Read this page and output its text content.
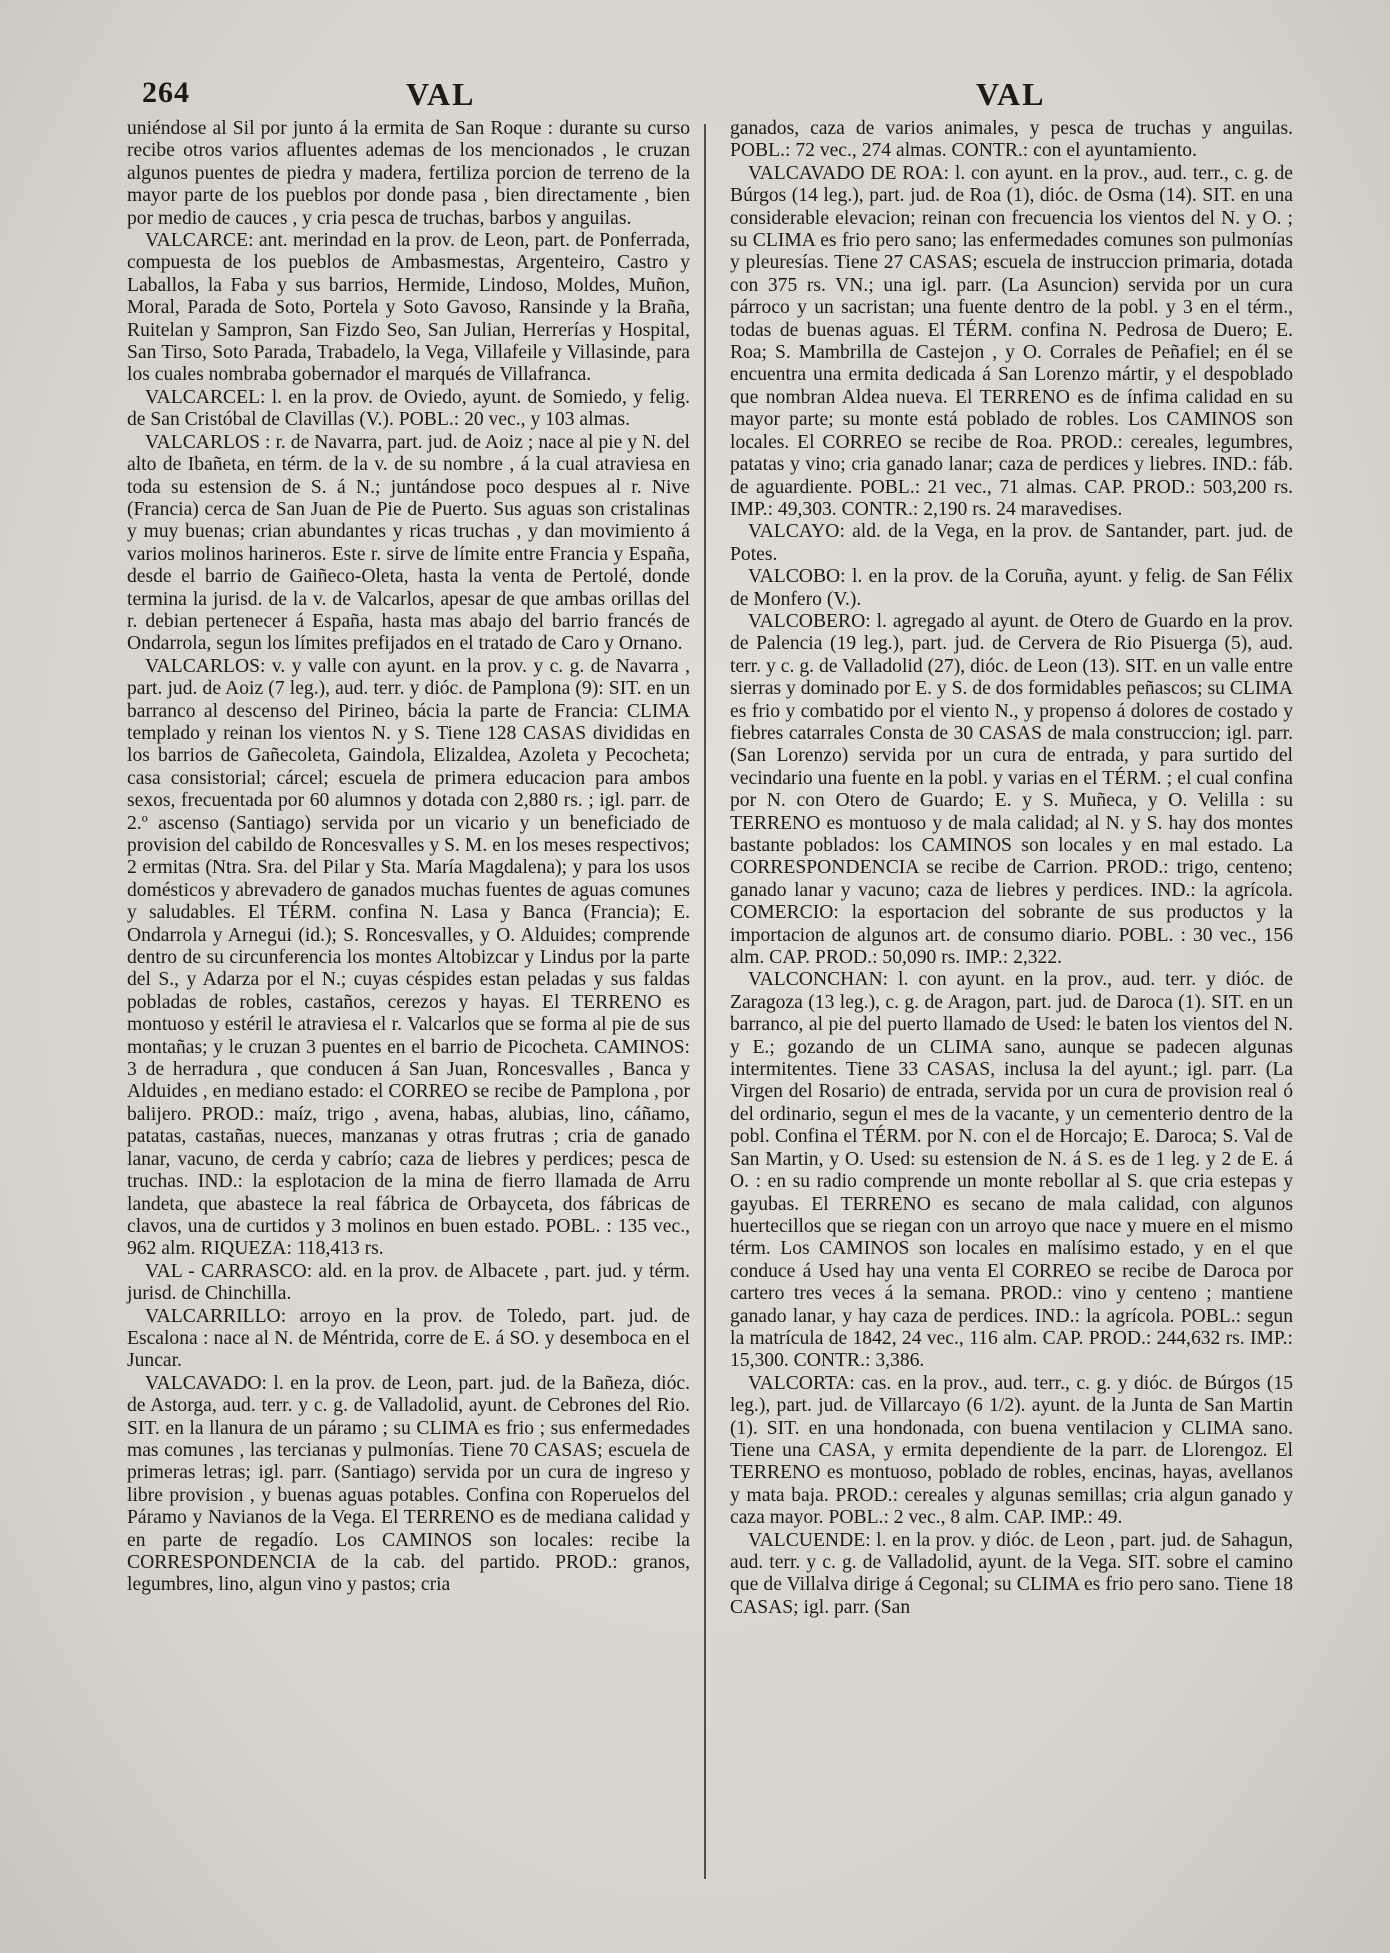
264	VAL	VAL

uniéndose al Sil por junto á la ermita de San Roque : durante su curso recibe otros varios afluentes ademas de los mencionados , le cruzan algunos puentes de piedra y madera, fertiliza porcion de terreno de la mayor parte de los pueblos por donde pasa , bien directamente , bien por medio de cauces , y cria pesca de truchas, barbos y anguilas.

VALCARCE: ant. merindad en la prov. de Leon, part. de Ponferrada, compuesta de los pueblos de Ambasmestas, Argenteiro, Castro y Laballos, la Faba y sus barrios, Hermide, Lindoso, Moldes, Muñon, Moral, Parada de Soto, Portela y Soto Gavoso, Ransinde y la Braña, Ruitelan y Sampron, San Fizdo Seo, San Julian, Herrerías y Hospital, San Tirso, Soto Parada, Trabadelo, la Vega, Villafeile y Villasinde, para los cuales nombraba gobernador el marqués de Villafranca.

VALCARCEL: l. en la prov. de Oviedo, ayunt. de Somiedo, y felig. de San Cristóbal de Clavillas (V.). POBL.: 20 vec., y 103 almas.

VALCARLOS : r. de Navarra, part. jud. de Aoiz ; nace al pie y N. del alto de Ibañeta, en térm. de la v. de su nombre , á la cual atraviesa en toda su estension de S. á N.; juntándose poco despues al r. Nive (Francia) cerca de San Juan de Pie de Puerto. Sus aguas son cristalinas y muy buenas; crian abundantes y ricas truchas , y dan movimiento á varios molinos harineros. Este r. sirve de límite entre Francia y España, desde el barrio de Gaiñeco-Oleta, hasta la venta de Pertolé, donde termina la jurisd. de la v. de Valcarlos, apesar de que ambas orillas del r. debian pertenecer á España, hasta mas abajo del barrio francés de Ondarrola, segun los límites prefijados en el tratado de Caro y Ornano.

VALCARLOS: v. y valle con ayunt. en la prov. y c. g. de Navarra , part. jud. de Aoiz (7 leg.), aud. terr. y dióc. de Pamplona (9): SIT. en un barranco al descenso del Pirineo, bácia la parte de Francia: CLIMA templado y reinan los vientos N. y S. Tiene 128 CASAS divididas en los barrios de Gañecoleta, Gaindola, Elizaldea, Azoleta y Pecocheta; casa consistorial; cárcel; escuela de primera educacion para ambos sexos, frecuentada por 60 alumnos y dotada con 2,880 rs. ; igl. parr. de 2.º ascenso (Santiago) servida por un vicario y un beneficiado de provision del cabildo de Roncesvalles y S. M. en los meses respectivos; 2 ermitas (Ntra. Sra. del Pilar y Sta. María Magdalena); y para los usos domésticos y abrevadero de ganados muchas fuentes de aguas comunes y saludables. El TÉRM. confina N. Lasa y Banca (Francia); E. Ondarrola y Arnegui (id.); S. Roncesvalles, y O. Alduides; comprende dentro de su circunferencia los montes Altobizcar y Lindus por la parte del S., y Adarza por el N.; cuyas céspides estan peladas y sus faldas pobladas de robles, castaños, cerezos y hayas. El TERRENO es montuoso y estéril le atraviesa el r. Valcarlos que se forma al pie de sus montañas; y le cruzan 3 puentes en el barrio de Picocheta. CAMINOS: 3 de herradura , que conducen á San Juan, Roncesvalles , Banca y Alduides , en mediano estado: el CORREO se recibe de Pamplona , por balijero. PROD.: maíz, trigo , avena, habas, alubias, lino, cáñamo, patatas, castañas, nueces, manzanas y otras frutras ; cria de ganado lanar, vacuno, de cerda y cabrío; caza de liebres y perdices; pesca de truchas. IND.: la esplotacion de la mina de fierro llamada de Arru landeta, que abastece la real fábrica de Orbayceta, dos fábricas de clavos, una de curtidos y 3 molinos en buen estado. POBL. : 135 vec., 962 alm. RIQUEZA: 118,413 rs.

VAL - CARRASCO: ald. en la prov. de Albacete , part. jud. y térm. jurisd. de Chinchilla.

VALCARRILLO: arroyo en la prov. de Toledo, part. jud. de Escalona : nace al N. de Méntrida, corre de E. á SO. y desemboca en el Juncar.

VALCAVADO: l. en la prov. de Leon, part. jud. de la Bañeza, dióc. de Astorga, aud. terr. y c. g. de Valladolid, ayunt. de Cebrones del Rio. SIT. en la llanura de un páramo ; su CLIMA es frio ; sus enfermedades mas comunes , las tercianas y pulmonías. Tiene 70 CASAS; escuela de primeras letras; igl. parr. (Santiago) servida por un cura de ingreso y libre provision , y buenas aguas potables. Confina con Roperuelos del Páramo y Navianos de la Vega. El TERRENO es de mediana calidad y en parte de regadío. Los CAMINOS son locales: recibe la CORRESPONDENCIA de la cab. del partido. PROD.: granos, legumbres, lino, algun vino y pastos; cria

ganados, caza de varios animales, y pesca de truchas y anguilas. POBL.: 72 vec., 274 almas. CONTR.: con el ayuntamiento.

VALCAVADO DE ROA: l. con ayunt. en la prov., aud. terr., c. g. de Búrgos (14 leg.), part. jud. de Roa (1), dióc. de Osma (14). SIT. en una considerable elevacion; reinan con frecuencia los vientos del N. y O. ; su CLIMA es frio pero sano; las enfermedades comunes son pulmonías y pleuresías. Tiene 27 CASAS; escuela de instruccion primaria, dotada con 375 rs. VN.; una igl. parr. (La Asuncion) servida por un cura párroco y un sacristan; una fuente dentro de la pobl. y 3 en el térm., todas de buenas aguas. El TÉRM. confina N. Pedrosa de Duero; E. Roa; S. Mambrilla de Castejon , y O. Corrales de Peñafiel; en él se encuentra una ermita dedicada á San Lorenzo mártir, y el despoblado que nombran Aldea nueva. El TERRENO es de ínfima calidad en su mayor parte; su monte está poblado de robles. Los CAMINOS son locales. El CORREO se recibe de Roa. PROD.: cereales, legumbres, patatas y vino; cria ganado lanar; caza de perdices y liebres. IND.: fáb. de aguardiente. POBL.: 21 vec., 71 almas. CAP. PROD.: 503,200 rs. IMP.: 49,303. CONTR.: 2,190 rs. 24 maravedises.

VALCAYO: ald. de la Vega, en la prov. de Santander, part. jud. de Potes.

VALCOBO: l. en la prov. de la Coruña, ayunt. y felig. de San Félix de Monfero (V.).

VALCOBERO: l. agregado al ayunt. de Otero de Guardo en la prov. de Palencia (19 leg.), part. jud. de Cervera de Rio Pisuerga (5), aud. terr. y c. g. de Valladolid (27), dióc. de Leon (13). SIT. en un valle entre sierras y dominado por E. y S. de dos formidables peñascos; su CLIMA es frio y combatido por el viento N., y propenso á dolores de costado y fiebres catarrales Consta de 30 CASAS de mala construccion; igl. parr. (San Lorenzo) servida por un cura de entrada, y para surtido del vecindario una fuente en la pobl. y varias en el TÉRM. ; el cual confina por N. con Otero de Guardo; E. y S. Muñeca, y O. Velilla : su TERRENO es montuoso y de mala calidad; al N. y S. hay dos montes bastante poblados: los CAMINOS son locales y en mal estado. La CORRESPONDENCIA se recibe de Carrion. PROD.: trigo, centeno; ganado lanar y vacuno; caza de liebres y perdices. IND.: la agrícola. COMERCIO: la esportacion del sobrante de sus productos y la importacion de algunos art. de consumo diario. POBL. : 30 vec., 156 alm. CAP. PROD.: 50,090 rs. IMP.: 2,322.

VALCONCHAN: l. con ayunt. en la prov., aud. terr. y dióc. de Zaragoza (13 leg.), c. g. de Aragon, part. jud. de Daroca (1). SIT. en un barranco, al pie del puerto llamado de Used: le baten los vientos del N. y E.; gozando de un CLIMA sano, aunque se padecen algunas intermitentes. Tiene 33 CASAS, inclusa la del ayunt.; igl. parr. (La Virgen del Rosario) de entrada, servida por un cura de provision real ó del ordinario, segun el mes de la vacante, y un cementerio dentro de la pobl. Confina el TÉRM. por N. con el de Horcajo; E. Daroca; S. Val de San Martin, y O. Used: su estension de N. á S. es de 1 leg. y 2 de E. á O. : en su radio comprende un monte rebollar al S. que cria estepas y gayubas. El TERRENO es secano de mala calidad, con algunos huertecillos que se riegan con un arroyo que nace y muere en el mismo térm. Los CAMINOS son locales en malísimo estado, y en el que conduce á Used hay una venta El CORREO se recibe de Daroca por cartero tres veces á la semana. PROD.: vino y centeno ; mantiene ganado lanar, y hay caza de perdices. IND.: la agrícola. POBL.: segun la matrícula de 1842, 24 vec., 116 alm. CAP. PROD.: 244,632 rs. IMP.: 15,300. CONTR.: 3,386.

VALCORTA: cas. en la prov., aud. terr., c. g. y dióc. de Búrgos (15 leg.), part. jud. de Villarcayo (6 1/2). ayunt. de la Junta de San Martin (1). SIT. en una hondonada, con buena ventilacion y CLIMA sano. Tiene una CASA, y ermita dependiente de la parr. de Llorengoz. El TERRENO es montuoso, poblado de robles, encinas, hayas, avellanos y mata baja. PROD.: cereales y algunas semillas; cria algun ganado y caza mayor. POBL.: 2 vec., 8 alm. CAP. IMP.: 49.

VALCUENDE: l. en la prov. y dióc. de Leon , part. jud. de Sahagun, aud. terr. y c. g. de Valladolid, ayunt. de la Vega. SIT. sobre el camino que de Villalva dirige á Cegonal; su CLIMA es frio pero sano. Tiene 18 CASAS; igl. parr. (San
